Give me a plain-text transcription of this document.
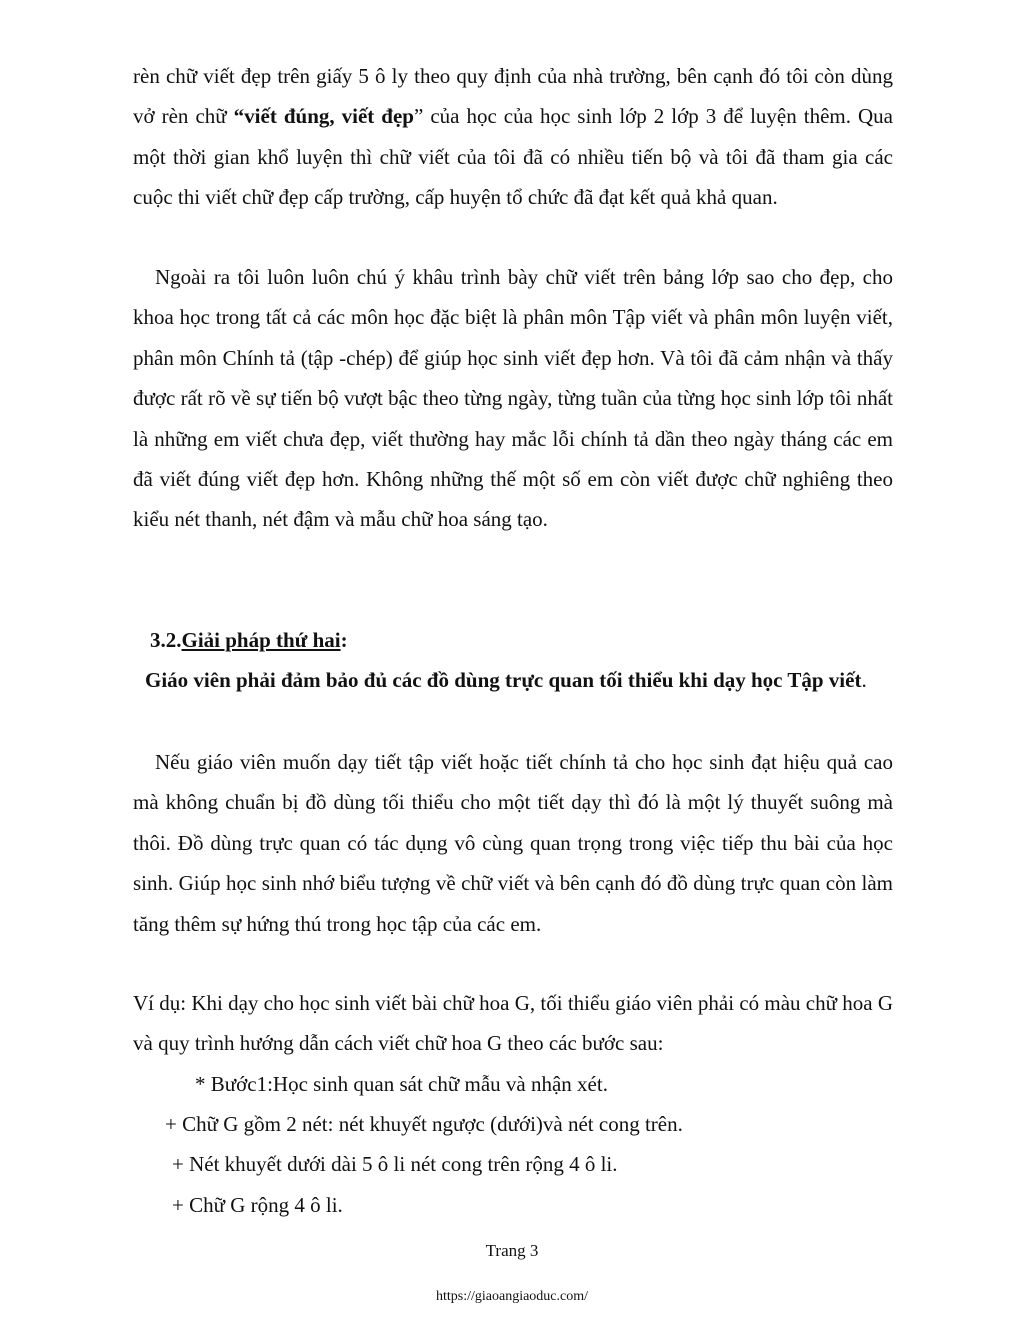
rèn chữ viết đẹp trên giấy 5 ô ly theo quy định của nhà trường, bên cạnh đó tôi còn dùng vở rèn chữ “viết đúng, viết đẹp” của học của học sinh lớp 2 lớp 3 để luyện thêm. Qua một thời gian khổ luyện thì chữ viết của tôi đã có nhiều tiến bộ và tôi đã tham gia các cuộc thi viết chữ đẹp cấp trường, cấp huyện tổ chức đã đạt kết quả khả quan.

Ngoài ra tôi luôn luôn chú ý khâu trình bày chữ viết trên bảng lớp sao cho đẹp, cho khoa học trong tất cả các môn học đặc biệt là phân môn Tập viết và phân môn luyện viết, phân môn Chính tả (tập -chép) để giúp học sinh viết đẹp hơn. Và tôi đã cảm nhận và thấy được rất rõ về sự tiến bộ vượt bậc theo từng ngày, từng tuần của từng học sinh lớp tôi nhất là những em viết chưa đẹp, viết thường hay mắc lỗi chính tả dần theo ngày tháng các em đã viết đúng viết đẹp hơn. Không những thế một số em còn viết được chữ nghiêng theo kiểu nét thanh, nét đậm và mẫu chữ hoa sáng tạo.

3.2.Giải pháp thứ hai:

Giáo viên phải đảm bảo đủ các đồ dùng trực quan tối thiểu khi dạy học Tập viết.

Nếu giáo viên muốn dạy tiết tập viết hoặc tiết chính tả cho học sinh đạt hiệu quả cao mà không chuẩn bị đồ dùng tối thiểu cho một tiết dạy thì đó là một lý thuyết suông mà thôi. Đồ dùng trực quan có tác dụng vô cùng quan trọng trong việc tiếp thu bài của học sinh. Giúp học sinh nhớ biểu tượng về chữ viết và bên cạnh đó đồ dùng trực quan còn làm tăng thêm sự hứng thú trong học tập của các em.

Ví dụ: Khi dạy cho học sinh viết bài chữ hoa G, tối thiểu giáo viên phải có màu chữ hoa G và quy trình hướng dẫn cách viết chữ hoa G theo các bước sau:

* Bước1:Học sinh quan sát chữ mẫu và nhận xét.
+ Chữ G gồm 2 nét: nét khuyết ngược (dưới)và nét cong trên.
+ Nét khuyết dưới dài 5 ô li nét cong trên rộng 4 ô li.
+ Chữ G rộng 4 ô li.
Trang 3
https://giaoangiaoduc.com/
